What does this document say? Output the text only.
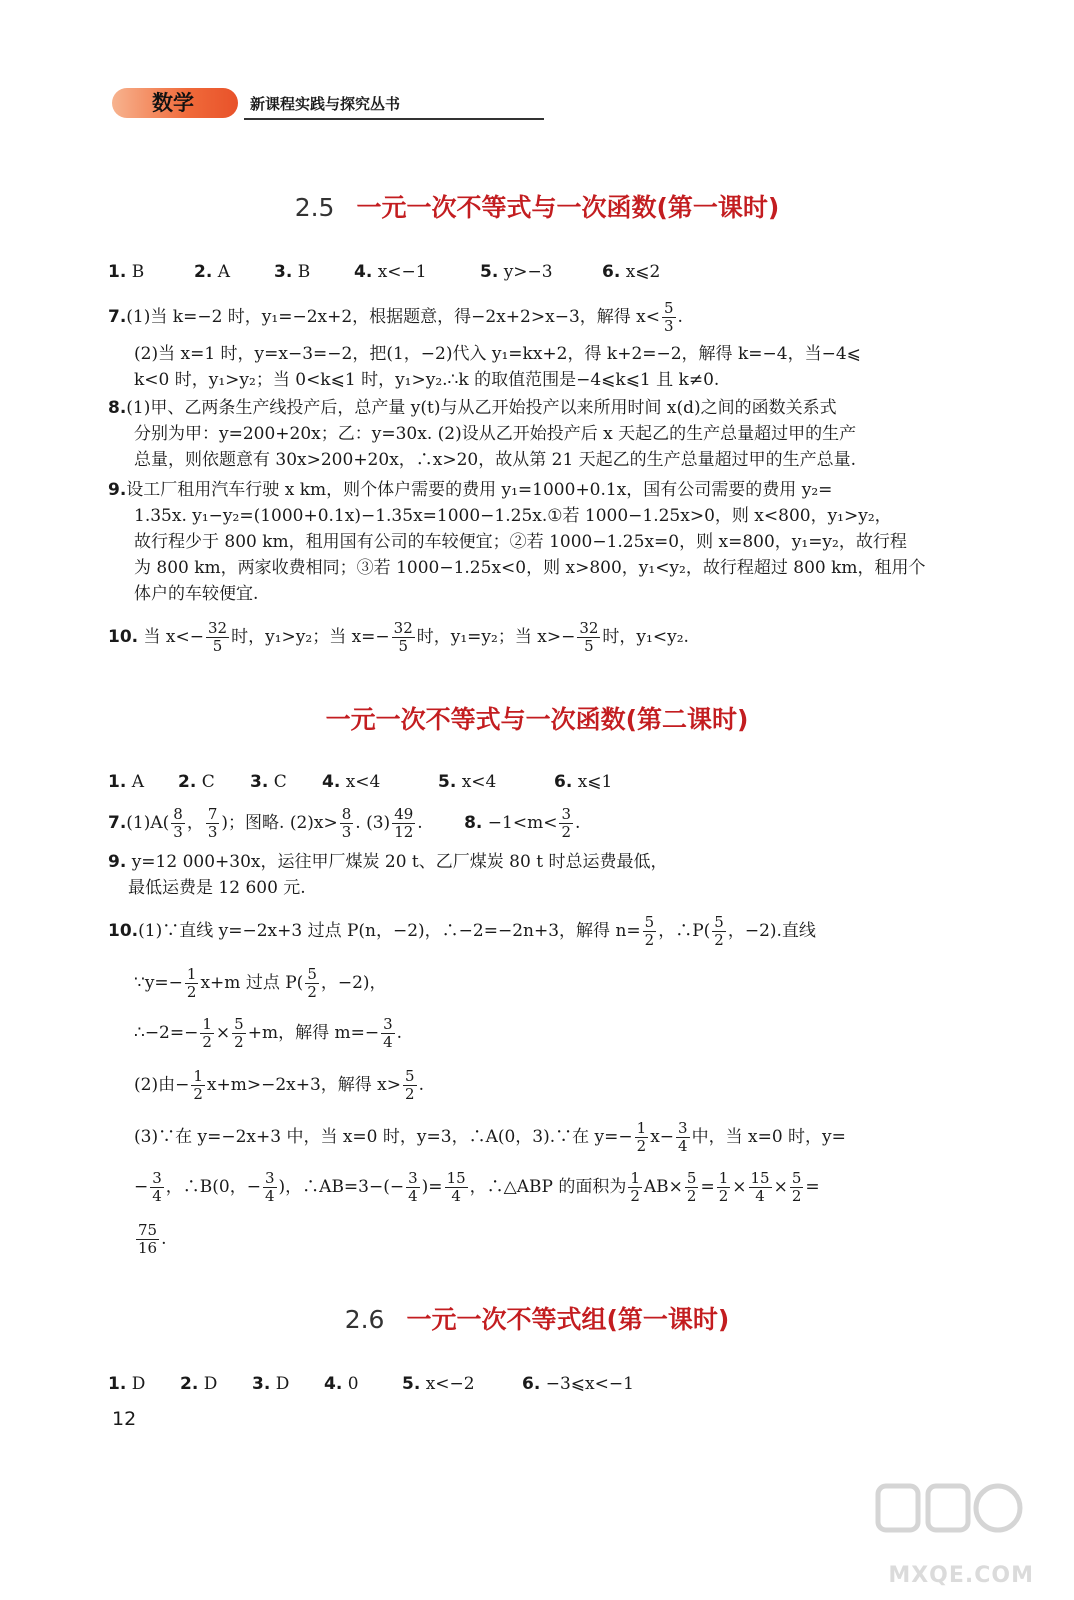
数学	新课程实践与探究丛书
2.5 一元一次不等式与一次函数(第一课时)
1. B	2. A	3. B	4. x<−1	5. y>−3	6. x⩽2
7.(1)当 k=−2 时，y₁=−2x+2，根据题意，得−2x+2>x−3，解得 $x< \frac{5}{3}$ .
(2)当 x=1 时，y=x−3=−2，把(1，−2)代入 y₁=kx+2，得 k+2=−2，解得 k=−4，当−4⩽
k<0 时，y₁>y₂；当 0<k⩽1 时，y₁>y₂.∴k 的取值范围是−4⩽k⩽1 且 k≠0.
8.(1)甲、乙两条生产线投产后，总产量 y(t)与从乙开始投产以来所用时间 x(d)之间的函数关系式
分别为甲：y=200+20x；乙：y=30x. (2)设从乙开始投产后 x 天起乙的生产总量超过甲的生产
总量，则依题意有 30x>200+20x，∴x>20，故从第 21 天起乙的生产总量超过甲的生产总量.
9.设工厂租用汽车行驶 x km，则个体户需要的费用 y₁=1000+0.1x，国有公司需要的费用 y₂=
1.35x. y₁−y₂=(1000+0.1x)−1.35x=1000−1.25x.①若 1000−1.25x>0，则 x<800，y₁>y₂，
故行程少于 800 km，租用国有公司的车较便宜；②若 1000−1.25x=0，则 x=800，y₁=y₂，故行程
为 800 km，两家收费相同；③若 1000−1.25x<0，则 x>800，y₁<y₂，故行程超过 800 km，租用个
体户的车较便宜.
10. 当 $x<- \frac{32}{5}$ 时，y₁>y₂；当 $x=- \frac{32}{5}$ 时，y₁=y₂；当 $x>- \frac{32}{5}$ 时，y₁<y₂.
一元一次不等式与一次函数(第二课时)
1. A 2. C 3. C 4. x<4	5. x<4	6. x⩽1
$7.(1)A( \frac{8}{3}$ ， $\frac{7}{3}$ )；图略. $(2)x> \frac{8}{3}$ . $(3) \frac{49}{12}$ . 8. $-1<m< \frac{3}{2}$ .
9. y=12 000+30x，运往甲厂煤炭 20 t、乙厂煤炭 80 t 时总运费最低，
最低运费是 12 600 元.
10.(1)∵直线 y=−2x+3 过点 P(n，−2)，∴−2=−2n+3，解得 $n= \frac{5}{2}$ ，∴P( $\frac{5}{2}$ ，−2).直线
∵y=− $\frac{1}{2} x+m$ 过点 $P( \frac{5}{2}$ ，−2)，
∴−2=− $\frac{1}{2} \times \frac{5}{2} +m$，解得 $m=- \frac{3}{4}$ .
(2)由− $\frac{1}{2} x+m>-2x+3$，解得 $x> \frac{5}{2}$ .
(3)∵在 y=−2x+3 中，当 x=0 时，y=3，∴A(0，3).∵在 $y=- \frac{1}{2} x- \frac{3}{4}$ 中，当 x=0 时，y=
− $\frac{3}{4}$ ，∴B(0，− $\frac{3}{4}$ )，∴AB=3−(− $\frac{3}{4}$ )= $\frac{15}{4}$ ，∴△ABP 的面积为 $\frac{1}{2} AB\times \frac{5}{2} = \frac{1}{2} \times \frac{15}{4} \times \frac{5}{2}$ =
$\frac{75}{16}$ .
2.6 一元一次不等式组(第一课时)
1. D 2. D 3. D 4. 0	5. x<−2	6. −3⩽x<−1
12
MXQE.COM
